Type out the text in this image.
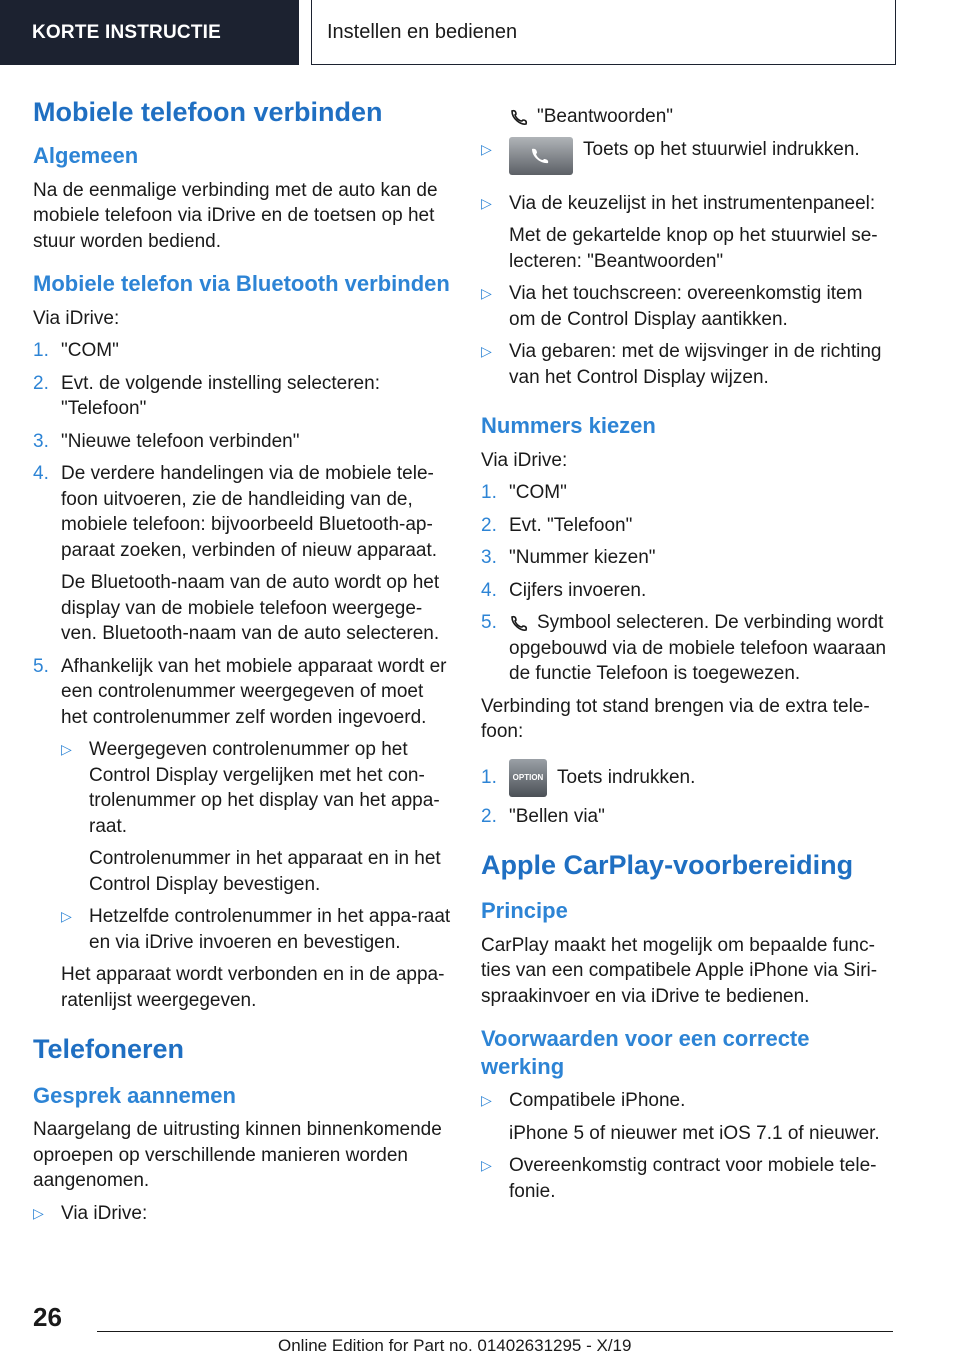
KORTE INSTRUCTIE	Instellen en bedienen
Mobiele telefoon verbinden
Algemeen

Na de eenmalige verbinding met de auto kan de mobiele telefoon via iDrive en de toetsen op het stuur worden bediend.

Mobiele telefon via Bluetooth verbinden

Via iDrive:

1. "COM"
2. Evt. de volgende instelling selecteren: "Telefoon"
3. "Nieuwe telefoon verbinden"
4. De verdere handelingen via de mobiele tele-foon uitvoeren, zie de handleiding van de, mobiele telefoon: bijvoorbeeld Bluetooth-ap-paraat zoeken, verbinden of nieuw apparaat.
De Bluetooth-naam van de auto wordt op het display van de mobiele telefoon weergege-ven. Bluetooth-naam van de auto selecteren.
5. Afhankelijk van het mobiele apparaat wordt er een controlenummer weergegeven of moet het controlenummer zelf worden ingevoerd.
▷ Weergegeven controlenummer op het Control Display vergelijken met het con-trolenummer op het display van het appa-raat.
Controlenummer in het apparaat en in het Control Display bevestigen.
▷ Hetzelfde controlenummer in het appa-raat en via iDrive invoeren en bevestigen.
Het apparaat wordt verbonden en in de appa-ratenlijst weergegeven.
Telefoneren
Gesprek aannemen

Naargelang de uitrusting kinnen binnenkomende oproepen op verschillende manieren worden aangenomen.

▷ Via iDrive:

"Beantwoorden"

▷	Toets op het stuurwiel indrukken.
▷ Via de keuzelijst in het instrumentenpaneel:
Met de gekartelde knop op het stuurwiel se-lecteren: "Beantwoorden"
▷ Via het touchscreen: overeenkomstig item om de Control Display aantikken.
▷ Via gebaren: met de wijsvinger in de richting van het Control Display wijzen.
Nummers kiezen

Via iDrive:

1. "COM"
2. Evt. "Telefoon"
3. "Nummer kiezen"
4. Cijfers invoeren.
5. Symbool selecteren. De verbinding wordt opgebouwd via de mobiele telefoon waaraan de functie Telefoon is toegewezen.

Verbinding tot stand brengen via de extra tele-foon:

1. OPTION Toets indrukken.
2. "Bellen via"
Apple CarPlay-voorbereiding
Principe

CarPlay maakt het mogelijk om bepaalde func-ties van een compatibele Apple iPhone via Siri-spraakinvoer en via iDrive te bedienen.

Voorwaarden voor een correcte werking
▷ Compatibele iPhone.
iPhone 5 of nieuwer met iOS 7.1 of nieuwer.
▷ Overeenkomstig contract voor mobiele tele-fonie.
26
Online Edition for Part no. 01402631295 - X/19
